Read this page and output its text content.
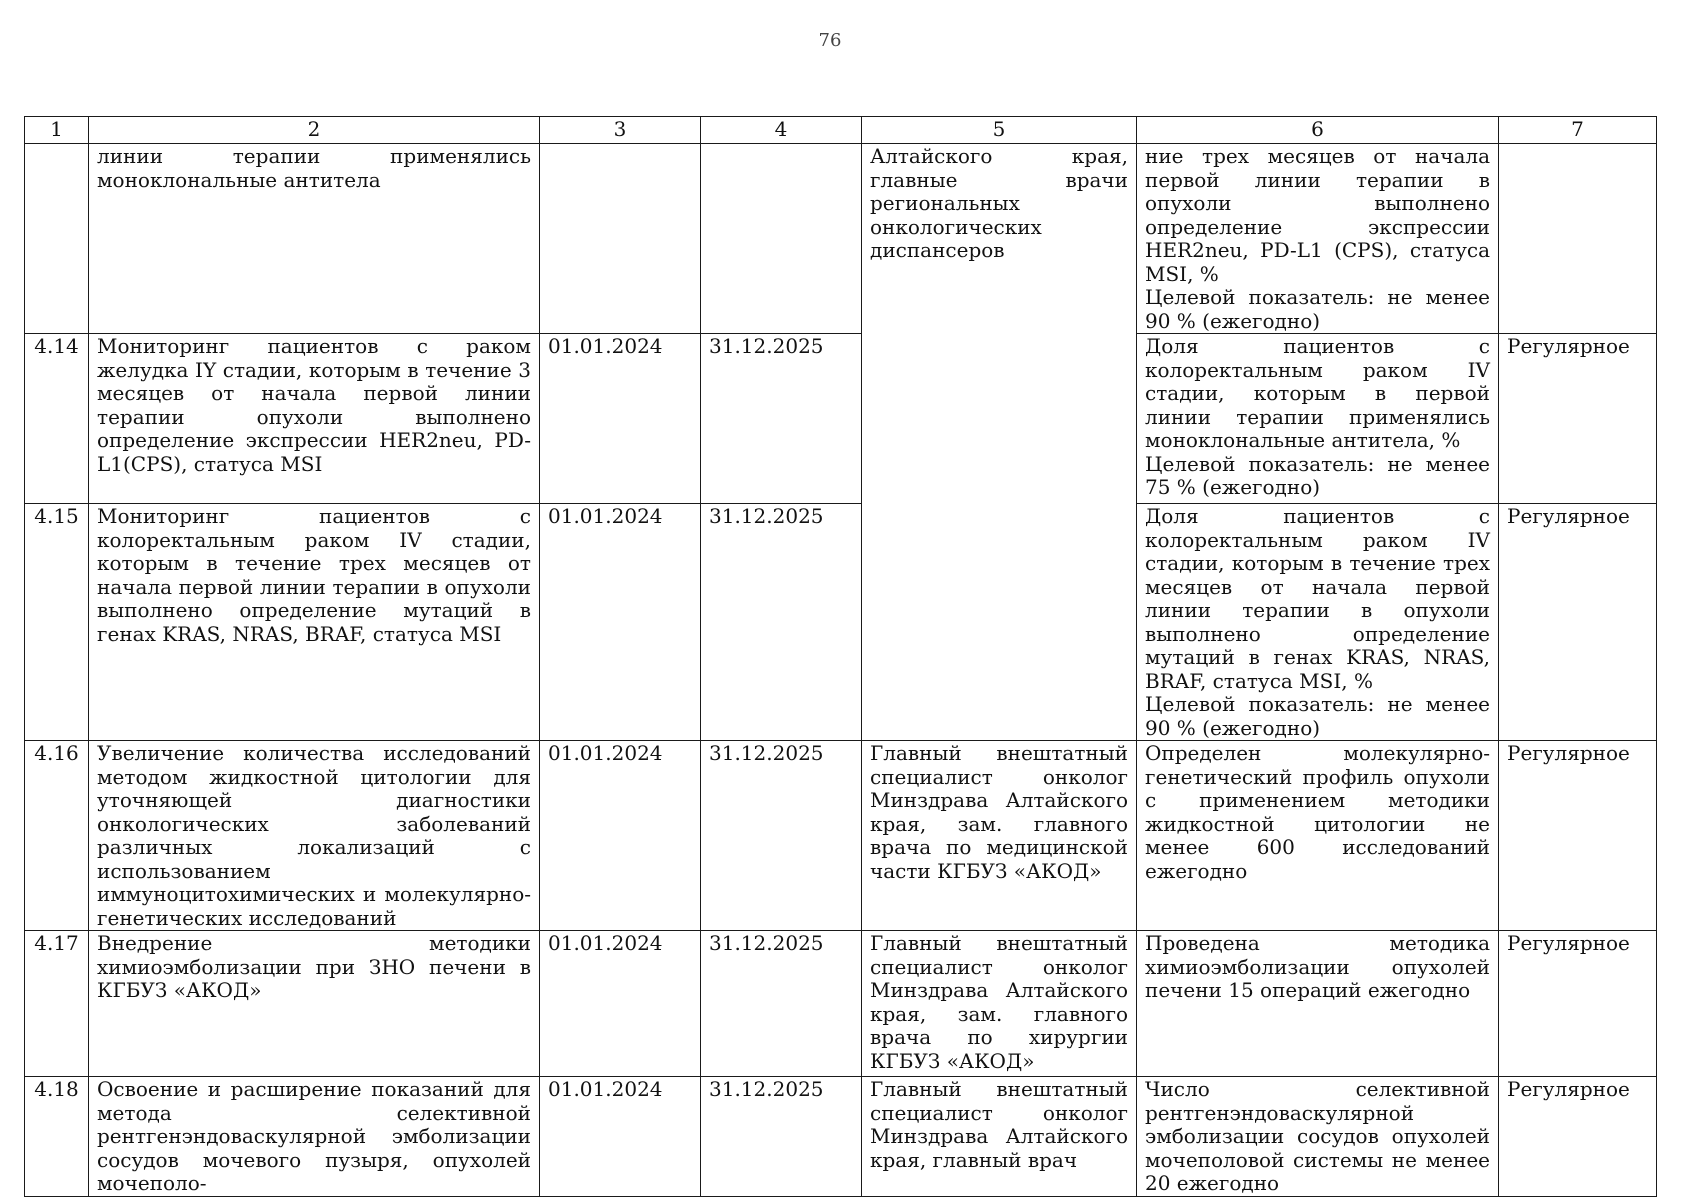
76
1	2	3	4	5	6	7
	линии терапии применялись моноклональные антитела			Алтайского края, главные врачи региональных онкологических диспансеров	ние трех месяцев от начала первой линии терапии в опухоли выполнено определение экспрессии HER2neu, PD-L1 (CPS), статуса MSI, %
Целевой показатель: не менее 90 % (ежегодно)	

4.14	Мониторинг пациентов с раком желудка IY стадии, которым в течение 3 месяцев от начала первой линии терапии опухоли выполнено определение экспрессии HER2neu, PD-L1(CPS), статуса MSI	01.01.2024	31.12.2025		Доля пациентов с колоректальным раком IV стадии, которым в первой линии терапии применялись моноклональные антитела, %
Целевой показатель: не менее 75 % (ежегодно)	Регулярное
4.15	Мониторинг пациентов с колоректальным раком IV стадии, которым в течение трех месяцев от начала первой линии терапии в опухоли выполнено определение мутаций в генах KRAS, NRAS, BRAF, статуса MSI	01.01.2024	31.12.2025		Доля пациентов с колоректальным раком IV стадии, которым в течение трех месяцев от начала первой линии терапии в опухоли выполнено определение мутаций в генах KRAS, NRAS, BRAF, статуса MSI, %
Целевой показатель: не менее 90 % (ежегодно)	Регулярное
4.16	Увеличение количества исследований методом жидкостной цитологии для уточняющей диагностики онкологических заболеваний различных локализаций с использованием иммуноцитохимических и молекулярно-генетических исследований	01.01.2024	31.12.2025	Главный внештатный специалист онколог Минздрава Алтайского края, зам. главного врача по медицинской части КГБУЗ «АКОД»	Определен молекулярно-генетический профиль опухоли с применением методики жидкостной цитологии не менее 600 исследований ежегодно	Регулярное
4.17	Внедрение методики химиоэмболизации при ЗНО печени в КГБУЗ «АКОД»	01.01.2024	31.12.2025	Главный внештатный специалист онколог Минздрава Алтайского края, зам. главного врача по хирургии КГБУЗ «АКОД»	Проведена методика химиоэмболизации опухолей печени 15 операций ежегодно	Регулярное
4.18	Освоение и расширение показаний для метода селективной рентгенэндоваскулярной эмболизации сосудов мочевого пузыря, опухолей мочеполо-	01.01.2024	31.12.2025	Главный внештатный специалист онколог Минздрава Алтайского края, главный врач	Число селективной рентгенэндоваскулярной эмболизации сосудов опухолей мочеполовой системы не менее 20 ежегодно	Регулярное
